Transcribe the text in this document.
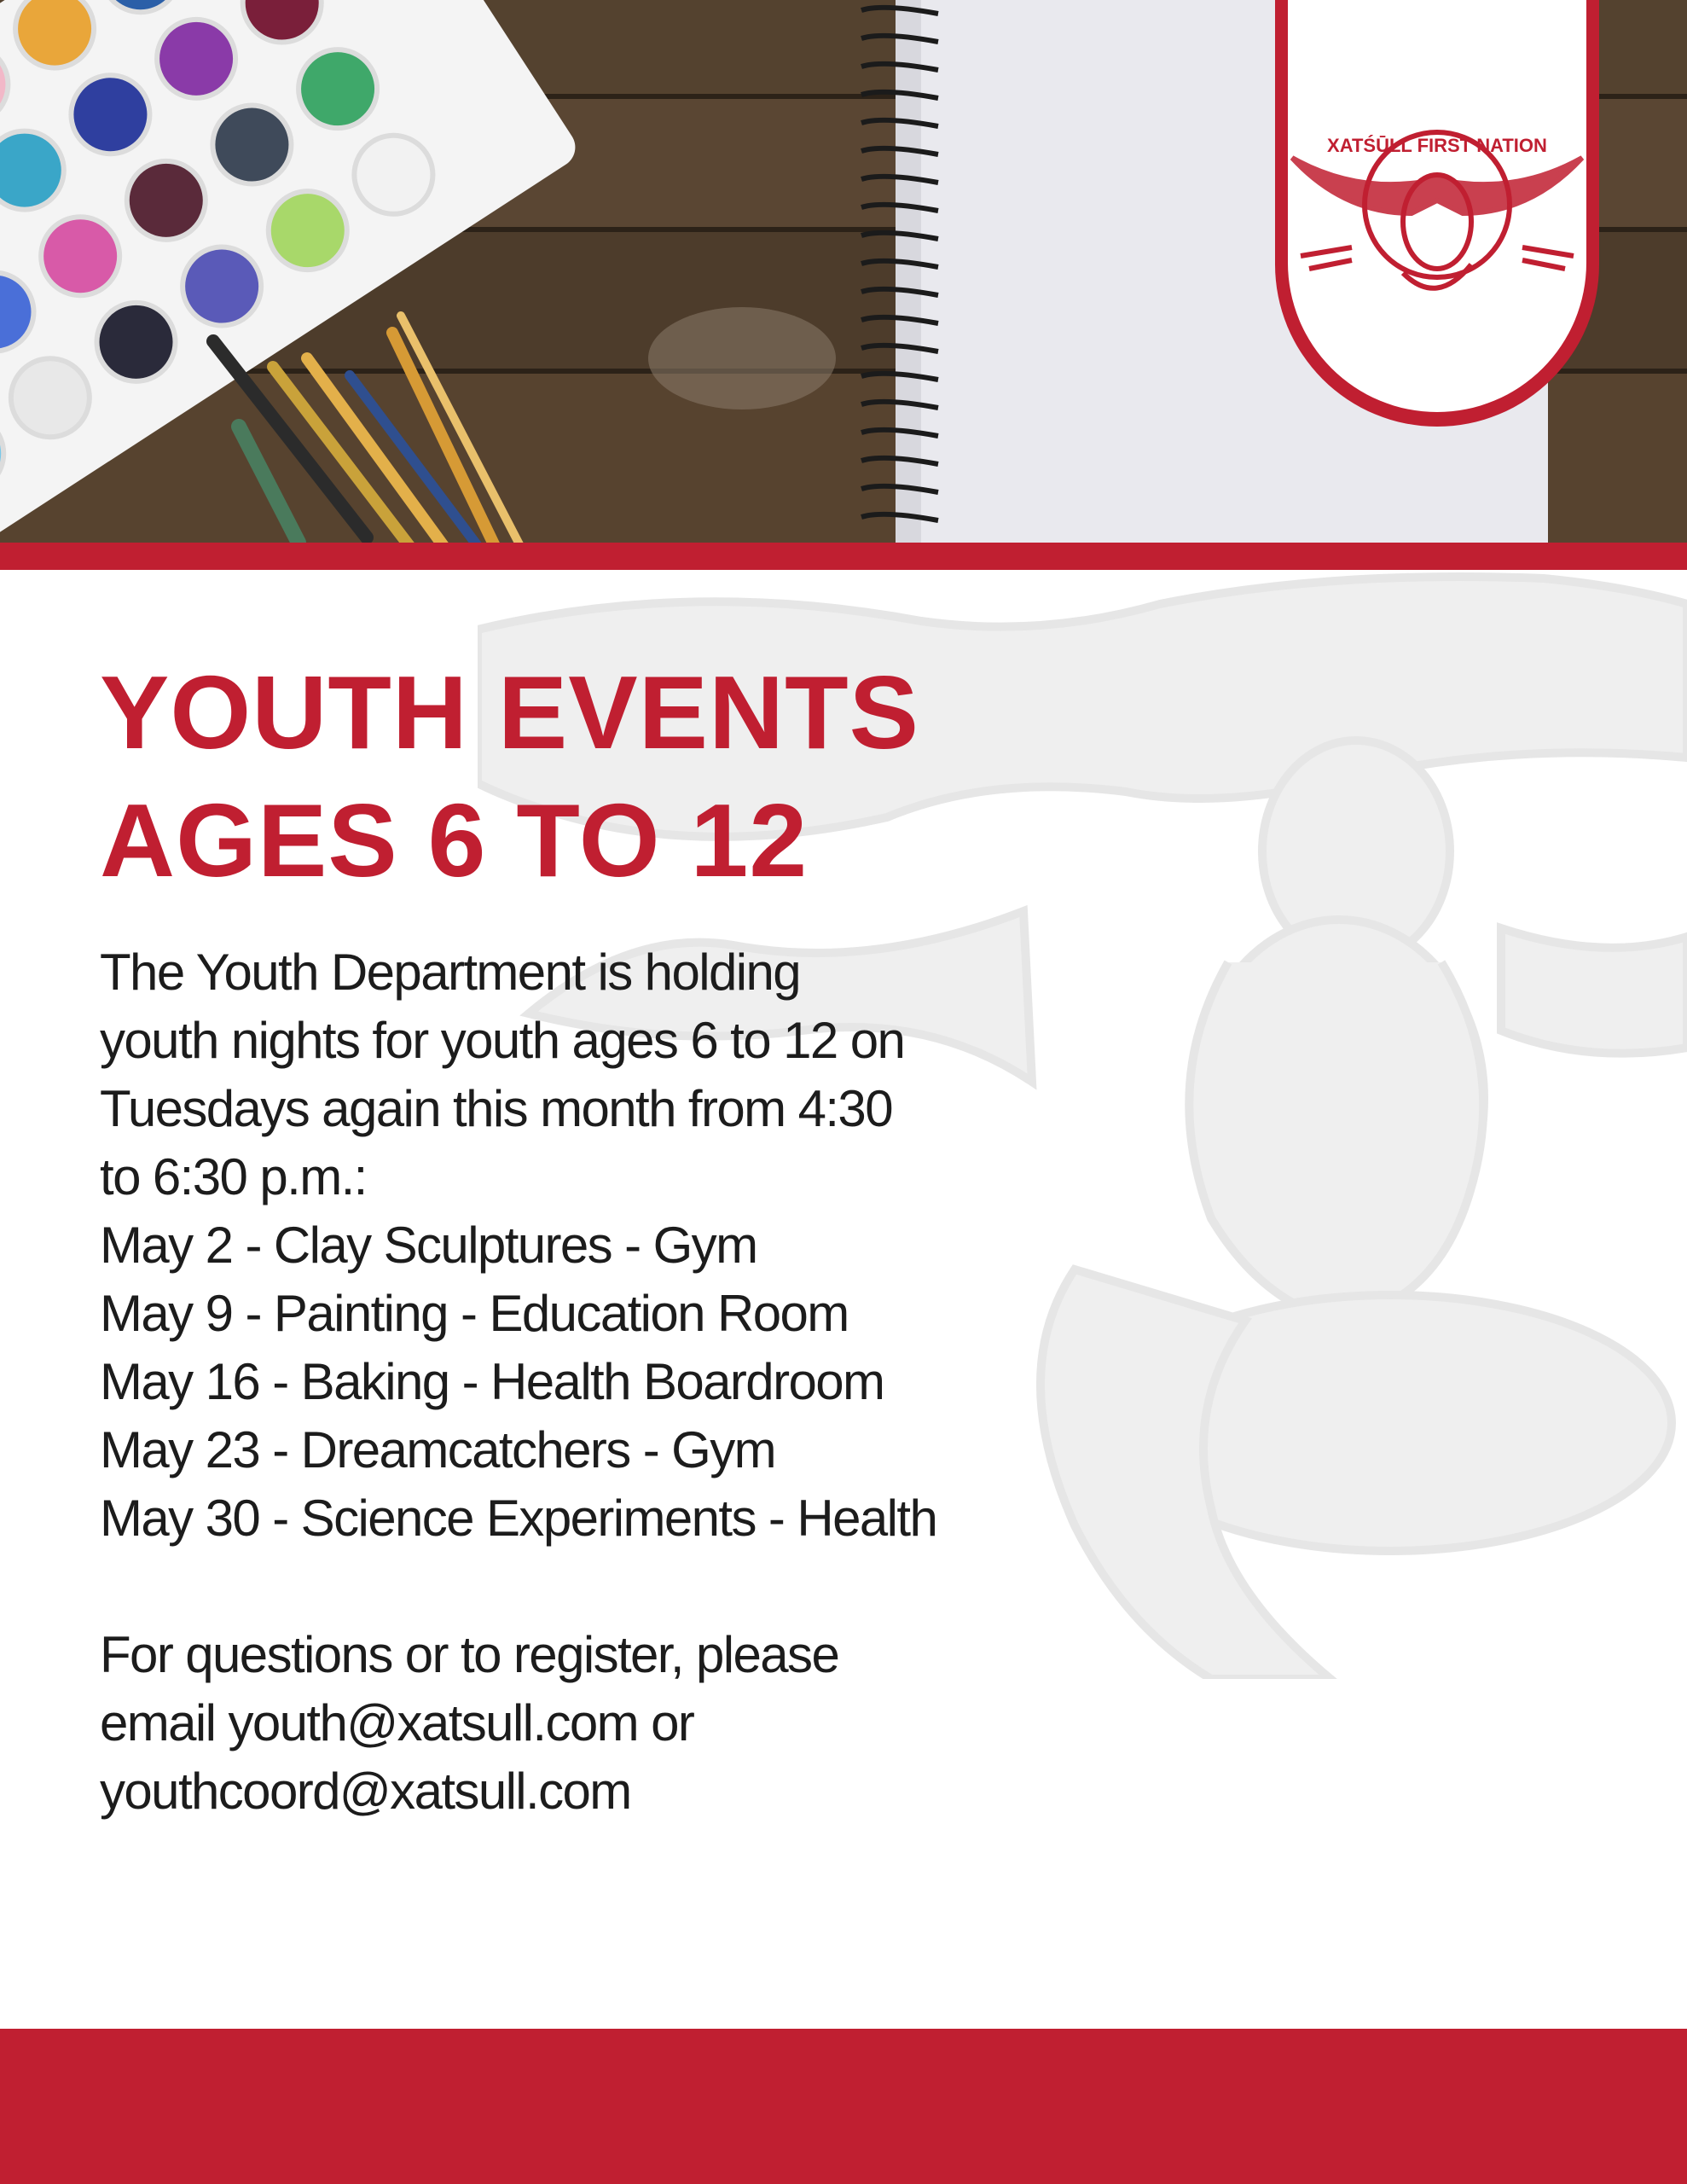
XATŚŪLL FIRST NATION
YOUTH EVENTS
AGES 6 TO 12

The Youth Department is holding

youth nights for youth ages 6 to 12 on

Tuesdays again this month from 4:30

to 6:30 p.m.:

May 2 - Clay Sculptures - Gym
May 9 - Painting - Education Room
May 16 - Baking - Health Boardroom
May 23 - Dreamcatchers - Gym
May 30 - Science Experiments - Health

For questions or to register, please

email youth@xatsull.com or

youthcoord@xatsull.com
